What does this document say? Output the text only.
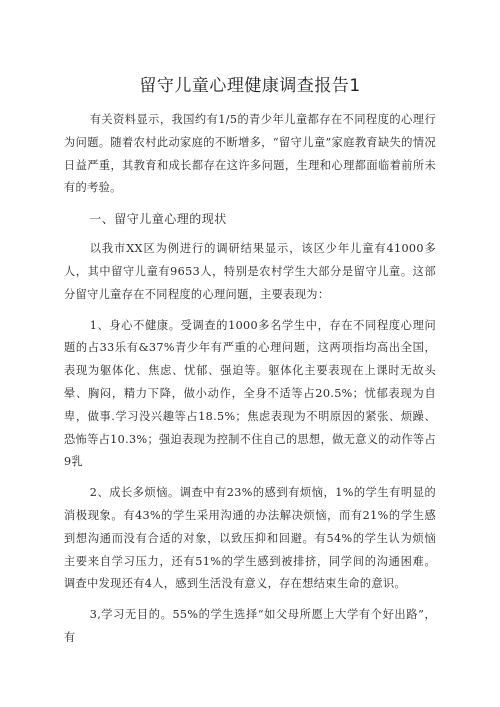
留守儿童心理健康调查报告1

有关资料显示，我国约有1/5的青少年儿童都存在不同程度的心理行为问题。随着农村此动家庭的不断增多，“留守儿童”家庭教育缺失的情况日益严重，其教育和成长都存在这许多问题，生理和心理都面临着前所未有的考验。

一、留守儿童心理的现状

以我市XX区为例进行的调研结果显示，该区少年儿童有41000多人，其中留守儿童有9653人，特别是农村学生大部分是留守儿童。这部分留守儿童存在不同程度的心理问题，主要表现为：

1、身心不健康。受调查的1000多名学生中，存在不同程度心理问题的占33乐有&37%青少年有严重的心理问题，这两项指均高出全国，表现为躯体化、焦虑、忧郁、强迫等。躯体化主要表现在上课时无故头晕、胸闷，精力下降，做小动作，全身不适等占20.5%；忧郁表现为自卑，做事.学习没兴趣等占18.5%；焦虑表现为不明原因的紧张、烦躁、恐怖等占10.3%；强迫表现为控制不住自己的思想，做无意义的动作等占9乳

2、成长多烦恼。调查中有23%的感到有烦恼，1%的学生有明显的消极现象。有43%的学生采用沟通的办法解决烦恼，而有21%的学生感到想沟通而没有合适的对象，以致压抑和回避。有54%的学生认为烦恼主要来自学习压力，还有51%的学生感到被排挤，同学间的沟通困难。调查中发现还有4人，感到生活没有意义，存在想结束生命的意识。

3,学习无目的。55%的学生选择“如父母所愿上大学有个好出路”，有
